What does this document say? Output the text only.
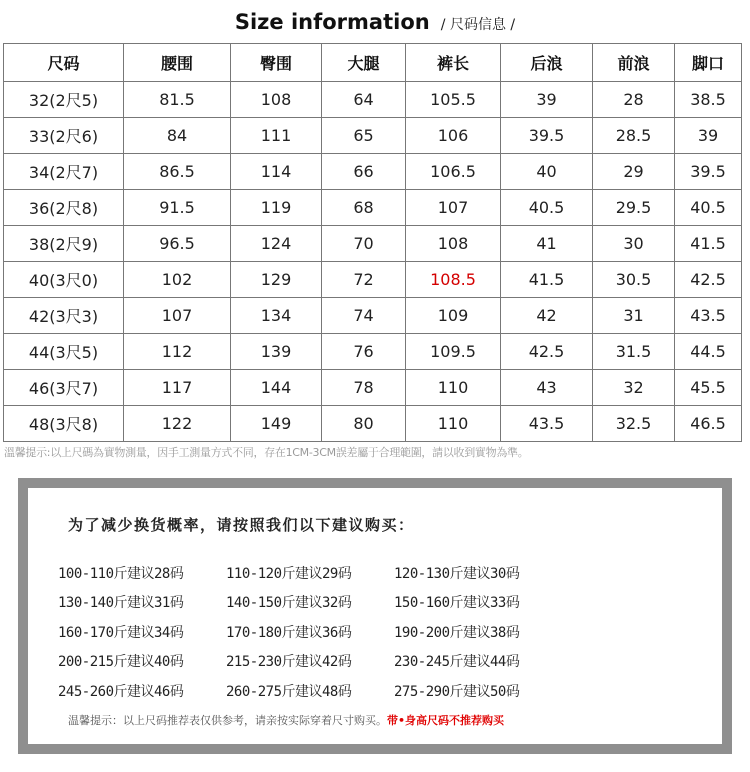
Size information / 尺码信息 /
尺码	腰围	臀围	大腿	裤长	后浪	前浪	脚口
32(2尺5)	81.5	108	64	105.5	39	28	38.5
33(2尺6)	84	111	65	106	39.5	28.5	39
34(2尺7)	86.5	114	66	106.5	40	29	39.5
36(2尺8)	91.5	119	68	107	40.5	29.5	40.5
38(2尺9)	96.5	124	70	108	41	30	41.5
40(3尺0)	102	129	72	108.5	41.5	30.5	42.5
42(3尺3)	107	134	74	109	42	31	43.5
44(3尺5)	112	139	76	109.5	42.5	31.5	44.5
46(3尺7)	117	144	78	110	43	32	45.5
48(3尺8)	122	149	80	110	43.5	32.5	46.5
溫馨提示:以上尺碼為實物測量，因手工測量方式不同，存在1CM-3CM誤差屬于合理範圍，請以收到實物為準。
为了减少换货概率，请按照我们以下建议购买：
100-110斤建议28码	110-120斤建议29码	120-130斤建议30码
130-140斤建议31码	140-150斤建议32码	150-160斤建议33码
160-170斤建议34码	170-180斤建议36码	190-200斤建议38码
200-215斤建议40码	215-230斤建议42码	230-245斤建议44码
245-260斤建议46码	260-275斤建议48码	275-290斤建议50码
温馨提示：以上尺码推荐表仅供参考，请亲按实际穿着尺寸购买。带•身高尺码不推荐购买
